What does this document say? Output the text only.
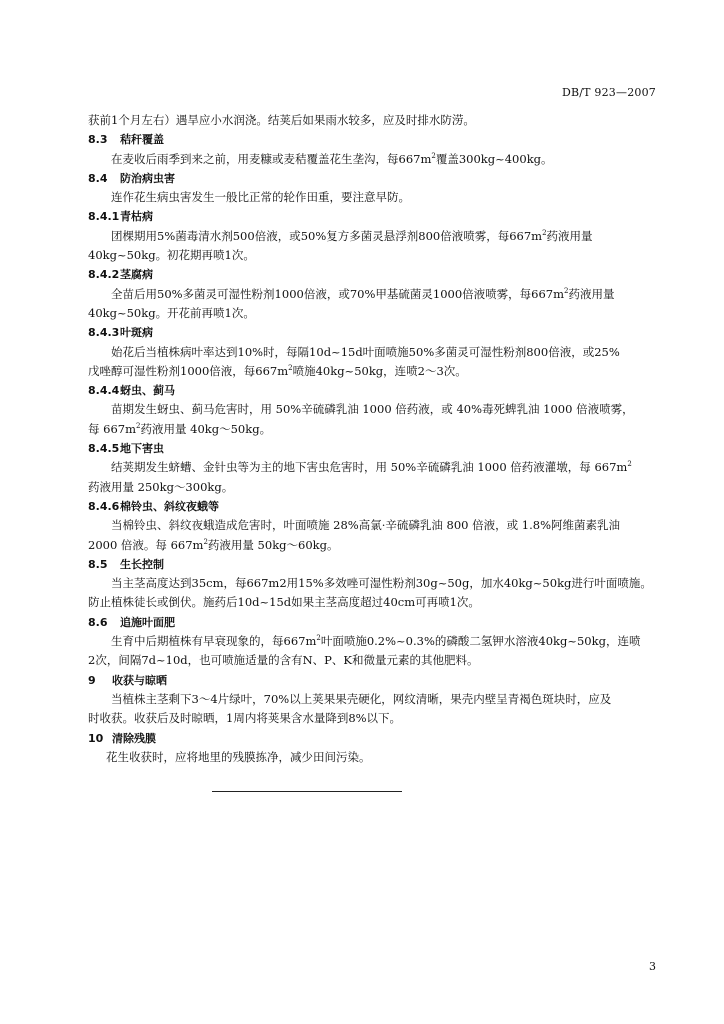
DB/T 923—2007

获前1个月左右）遇旱应小水润浇。结荚后如果雨水较多，应及时排水防涝。

8.3 秸秆覆盖

在麦收后雨季到来之前，用麦糠或麦秸覆盖花生垄沟，每$667m^2$覆盖300kg~400kg。

8.4 防治病虫害

连作花生病虫害发生一般比正常的轮作田重，要注意早防。

8.4.1青枯病

团棵期用5%菌毒清水剂500倍液，或50%复方多菌灵悬浮剂800倍液喷雾，每$667m^2$药液用量

40kg~50kg。初花期再喷1次。

8.4.2茎腐病

全苗后用50%多菌灵可湿性粉剂1000倍液，或70%甲基硫菌灵1000倍液喷雾，每$667m^2$药液用量

40kg~50kg。开花前再喷1次。

8.4.3叶斑病

始花后当植株病叶率达到10%时，每隔10d~15d叶面喷施50%多菌灵可湿性粉剂800倍液，或25%

戊唑醇可湿性粉剂1000倍液，每$667m^2$喷施40kg~50kg，连喷2～3次。

8.4.4蚜虫、蓟马

苗期发生蚜虫、蓟马危害时，用 50%辛硫磷乳油 1000 倍药液，或 40%毒死蜱乳油 1000 倍液喷雾，

每 $667m^2$药液用量 40kg～50kg。

8.4.5地下害虫

结荚期发生蛴螬、金针虫等为主的地下害虫危害时，用 50%辛硫磷乳油 1000 倍药液灌墩，每 $667m^2$

药液用量 250kg～300kg。

8.4.6棉铃虫、斜纹夜蛾等

当棉铃虫、斜纹夜蛾造成危害时，叶面喷施 28%高氯·辛硫磷乳油 800 倍液，或 1.8%阿维菌素乳油

2000 倍液。每 $667m^2$药液用量 50kg～60kg。

8.5 生长控制

当主茎高度达到35cm，每667m2用15%多效唑可湿性粉剂30g~50g，加水40kg~50kg进行叶面喷施。

防止植株徒长或倒伏。施药后10d~15d如果主茎高度超过40cm可再喷1次。

8.6 追施叶面肥

生育中后期植株有早衰现象的，每$667m^2$叶面喷施0.2%~0.3%的磷酸二氢钾水溶液40kg~50kg，连喷

2次，间隔7d~10d，也可喷施适量的含有N、P、K和微量元素的其他肥料。

9 收获与晾晒

当植株主茎剩下3～4片绿叶，70%以上荚果果壳硬化，网纹清晰，果壳内壁呈青褐色斑块时，应及

时收获。收获后及时晾晒，1周内将荚果含水量降到8%以下。

10 清除残膜

花生收获时，应将地里的残膜拣净，减少田间污染。

3
